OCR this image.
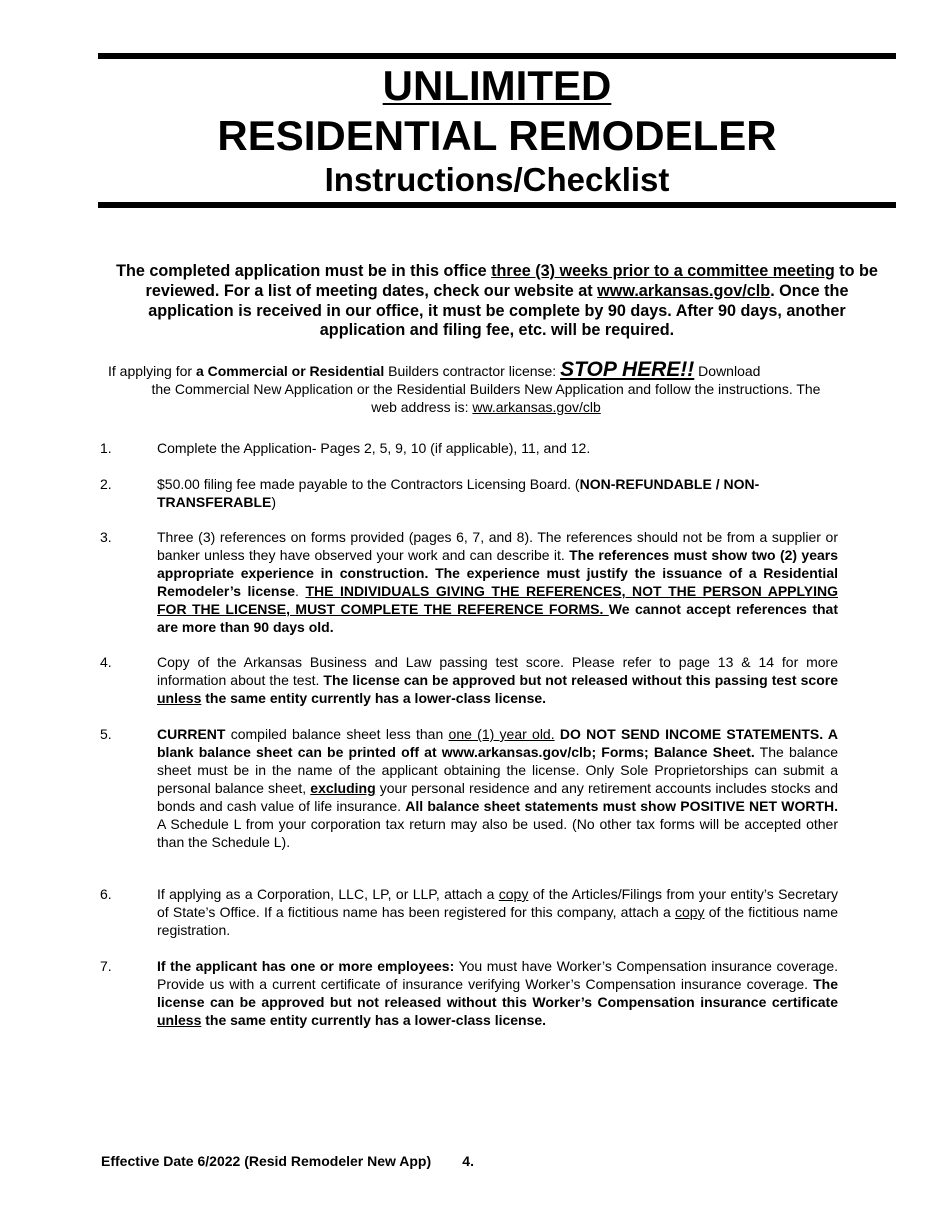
UNLIMITED
RESIDENTIAL REMODELER
Instructions/Checklist
The completed application must be in this office three (3) weeks prior to a committee meeting to be reviewed. For a list of meeting dates, check our website at www.arkansas.gov/clb. Once the application is received in our office, it must be complete by 90 days. After 90 days, another application and filing fee, etc. will be required.
If applying for a Commercial or Residential Builders contractor license: STOP HERE!! Download
the Commercial New Application or the Residential Builders New Application and follow the instructions. The web address is: ww.arkansas.gov/clb
1.	Complete the Application- Pages 2, 5, 9, 10 (if applicable), 11, and 12.
2.	$50.00 filing fee made payable to the Contractors Licensing Board. (NON-REFUNDABLE / NON-TRANSFERABLE)
3.	Three (3) references on forms provided (pages 6, 7, and 8). The references should not be from a supplier or banker unless they have observed your work and can describe it. The references must show two (2) years appropriate experience in construction. The experience must justify the issuance of a Residential Remodeler’s license. THE INDIVIDUALS GIVING THE REFERENCES, NOT THE PERSON APPLYING FOR THE LICENSE, MUST COMPLETE THE REFERENCE FORMS. We cannot accept references that are more than 90 days old.
4.	Copy of the Arkansas Business and Law passing test score. Please refer to page 13 & 14 for more information about the test. The license can be approved but not released without this passing test score unless the same entity currently has a lower-class license.
5.	CURRENT compiled balance sheet less than one (1) year old. DO NOT SEND INCOME STATEMENTS. A blank balance sheet can be printed off at www.arkansas.gov/clb; Forms; Balance Sheet. The balance sheet must be in the name of the applicant obtaining the license. Only Sole Proprietorships can submit a personal balance sheet, excluding your personal residence and any retirement accounts includes stocks and bonds and cash value of life insurance. All balance sheet statements must show POSITIVE NET WORTH. A Schedule L from your corporation tax return may also be used. (No other tax forms will be accepted other than the Schedule L).
6.	If applying as a Corporation, LLC, LP, or LLP, attach a copy of the Articles/Filings from your entity’s Secretary of State’s Office. If a fictitious name has been registered for this company, attach a copy of the fictitious name registration.
7.	If the applicant has one or more employees: You must have Worker’s Compensation insurance coverage. Provide us with a current certificate of insurance verifying Worker’s Compensation insurance coverage. The license can be approved but not released without this Worker’s Compensation insurance certificate unless the same entity currently has a lower-class license.
Effective Date 6/2022 (Resid Remodeler New App) 4.
